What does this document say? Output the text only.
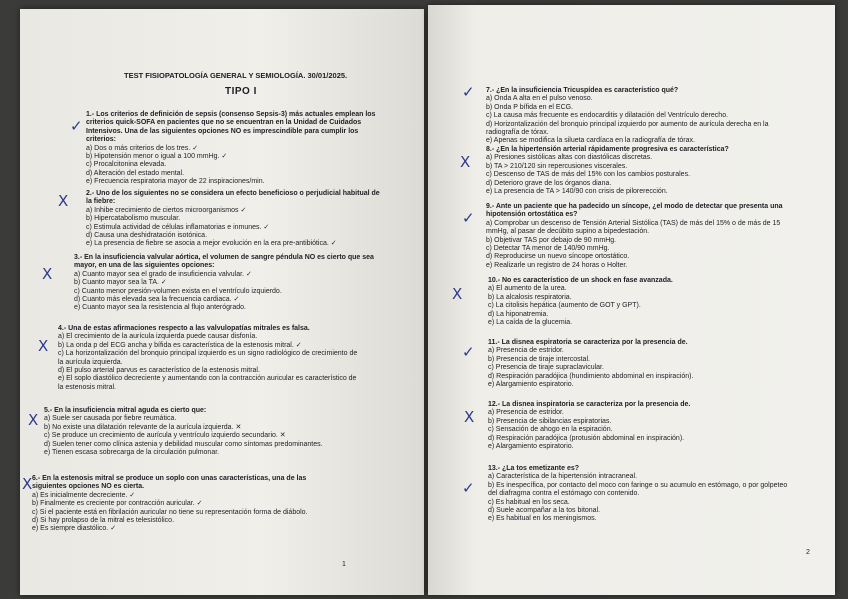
TEST FISIOPATOLOGÍA GENERAL Y SEMIOLOGÍA. 30/01/2025.
TIPO I
✓
1.- Los criterios de definición de sepsis (consenso Sepsis-3) más actuales emplean los
criterios quick-SOFA en pacientes que no se encuentran en la Unidad de Cuidados
Intensivos. Una de las siguientes opciones NO es imprescindible para cumplir los
criterios:
a) Dos o más criterios de los tres. ✓
b) Hipotensión menor o igual a 100 mmHg. ✓
c) Procalcitonina elevada.
d) Alteración del estado mental.
e) Frecuencia respiratoria mayor de 22 inspiraciones/min.
X	2.- Uno de los siguientes no se considera un efecto beneficioso o perjudicial habitual de
la fiebre:
a) Inhibe crecimiento de ciertos microorganismos ✓
b) Hipercatabolismo muscular.
c) Estimula actividad de células inflamatorias e inmunes. ✓
d) Causa una deshidratación isotónica.
e) La presencia de fiebre se asocia a mejor evolución en la era pre-antibiótica. ✓
X
3.- En la insuficiencia valvular aórtica, el volumen de sangre péndula NO es cierto que sea
mayor, en una de las siguientes opciones:
a) Cuanto mayor sea el grado de insuficiencia valvular. ✓
b) Cuanto mayor sea la TA. ✓
c) Cuanto menor presión-volumen exista en el ventrículo izquierdo.
d) Cuanto más elevada sea la frecuencia cardiaca. ✓
e) Cuanto mayor sea la resistencia al flujo anterógrado.
X
4.- Una de estas afirmaciones respecto a las valvulopatías mitrales es falsa.
a) El crecimiento de la aurícula izquierda puede causar disfonía.
b) La onda p del ECG ancha y bífida es característica de la estenosis mitral. ✓
c) La horizontalización del bronquio principal izquierdo es un signo radiológico de crecimiento de
la aurícula izquierda.
d) El pulso arterial parvus es característico de la estenosis mitral.
e) El soplo diastólico decreciente y aumentando con la contracción auricular es característico de
la estenosis mitral.
X
5.- En la insuficiencia mitral aguda es cierto que:
a) Suele ser causada por fiebre reumática.
b) No existe una dilatación relevante de la aurícula izquierda. ✕
c) Se produce un crecimiento de aurícula y ventrículo izquierdo secundario. ✕
d) Suelen tener como clínica astenia y debilidad muscular como síntomas predominantes.
e) Tienen escasa sobrecarga de la circulación pulmonar.
X 6.- En la estenosis mitral se produce un soplo con unas características, una de las
siguientes opciones NO es cierta.
a) Es inicialmente decreciente. ✓
b) Finalmente es creciente por contracción auricular. ✓
c) Si el paciente está en fibrilación auricular no tiene su representación forma de diábolo.
d) Si hay prolapso de la mitral es telesistólico.
e) Es siempre diastólico. ✓
1
✓ 7.- ¿En la insuficiencia Tricuspídea es característico qué?
a) Onda A alta en el pulso venoso.
b) Onda P bífida en el ECG.
c) La causa más frecuente es endocarditis y dilatación del Ventrículo derecho.
d) Horizontalización del bronquio principal izquierdo por aumento de aurícula derecha en la
radiografía de tórax.
e) Apenas se modifica la silueta cardíaca en la radiografía de tórax.
X
8.- ¿En la hipertensión arterial rápidamente progresiva es característica?
a) Presiones sistólicas altas con diastólicas discretas.
b) TA > 210/120 sin repercusiones viscerales.
c) Descenso de TAS de más del 15% con los cambios posturales.
d) Deterioro grave de los órganos diana.
e) La presencia de TA > 140/90 con crisis de pilorerección.
✓
9.- Ante un paciente que ha padecido un síncope, ¿el modo de detectar que presenta una
hipotensión ortostática es?
a) Comprobar un descenso de Tensión Arterial Sistólica (TAS) de más del 15% o de más de 15
mmHg, al pasar de decúbito supino a bipedestación.
b) Objetivar TAS por debajo de 90 mmHg.
c) Detectar TA menor de 140/90 mmHg.
d) Reproducirse un nuevo síncope ortostático.
e) Realizarle un registro de 24 horas o Holter.
X
10.- No es característico de un shock en fase avanzada.
a) El aumento de la urea.
b) La alcalosis respiratoria.
c) La citolisis hepática (aumento de GOT y GPT).
d) La hiponatremia.
e) La caída de la glucemia.
✓
11.- La disnea espiratoria se caracteriza por la presencia de.
a) Presencia de estridor.
b) Presencia de tiraje intercostal.
c) Presencia de tiraje supraclavicular.
d) Respiración paradójica (hundimiento abdominal en inspiración).
e) Alargamiento espiratorio.
X
12.- La disnea inspiratoria se caracteriza por la presencia de.
a) Presencia de estridor.
b) Presencia de sibilancias espiratorias.
c) Sensación de ahogo en la espiración.
d) Respiración paradójica (protusión abdominal en inspiración).
e) Alargamiento espiratorio.
✓
13.- ¿La tos emetizante es?
a) Característica de la hipertensión intracraneal.
b) Es inespecífica, por contacto del moco con faringe o su acumulo en estómago, o por golpeteo
del diafragma contra el estómago con contenido.
c) Es habitual en los seca.
d) Suele acompañar a la tos bitonal.
e) Es habitual en los meningismos.
2
